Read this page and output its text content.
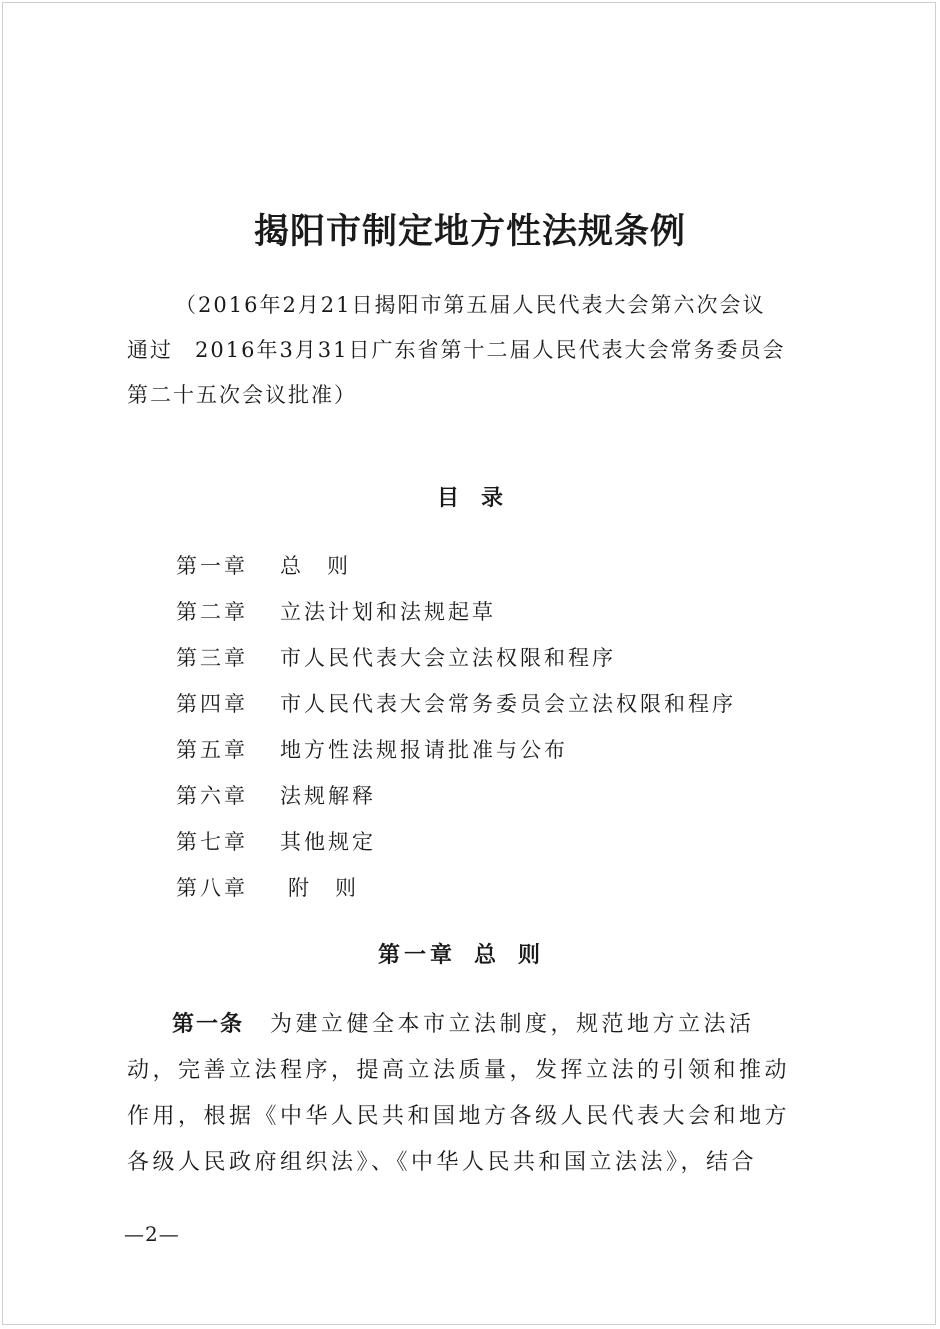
揭阳市制定地方性法规条例
（2016年2月21日揭阳市第五届人民代表大会第六次会议
通过 2016年3月31日广东省第十二届人民代表大会常务委员会
第二十五次会议批准）
目录
第一章 总则
第二章 立法计划和法规起草
第三章 市人民代表大会立法权限和程序
第四章 市人民代表大会常务委员会立法权限和程序
第五章 地方性法规报请批准与公布
第六章 法规解释
第七章 其他规定
第八章 附则
第一章 总则
第一条 为建立健全本市立法制度，规范地方立法活
动，完善立法程序，提高立法质量，发挥立法的引领和推动
作用，根据《中华人民共和国地方各级人民代表大会和地方
各级人民政府组织法》、《中华人民共和国立法法》，结合
—2—
